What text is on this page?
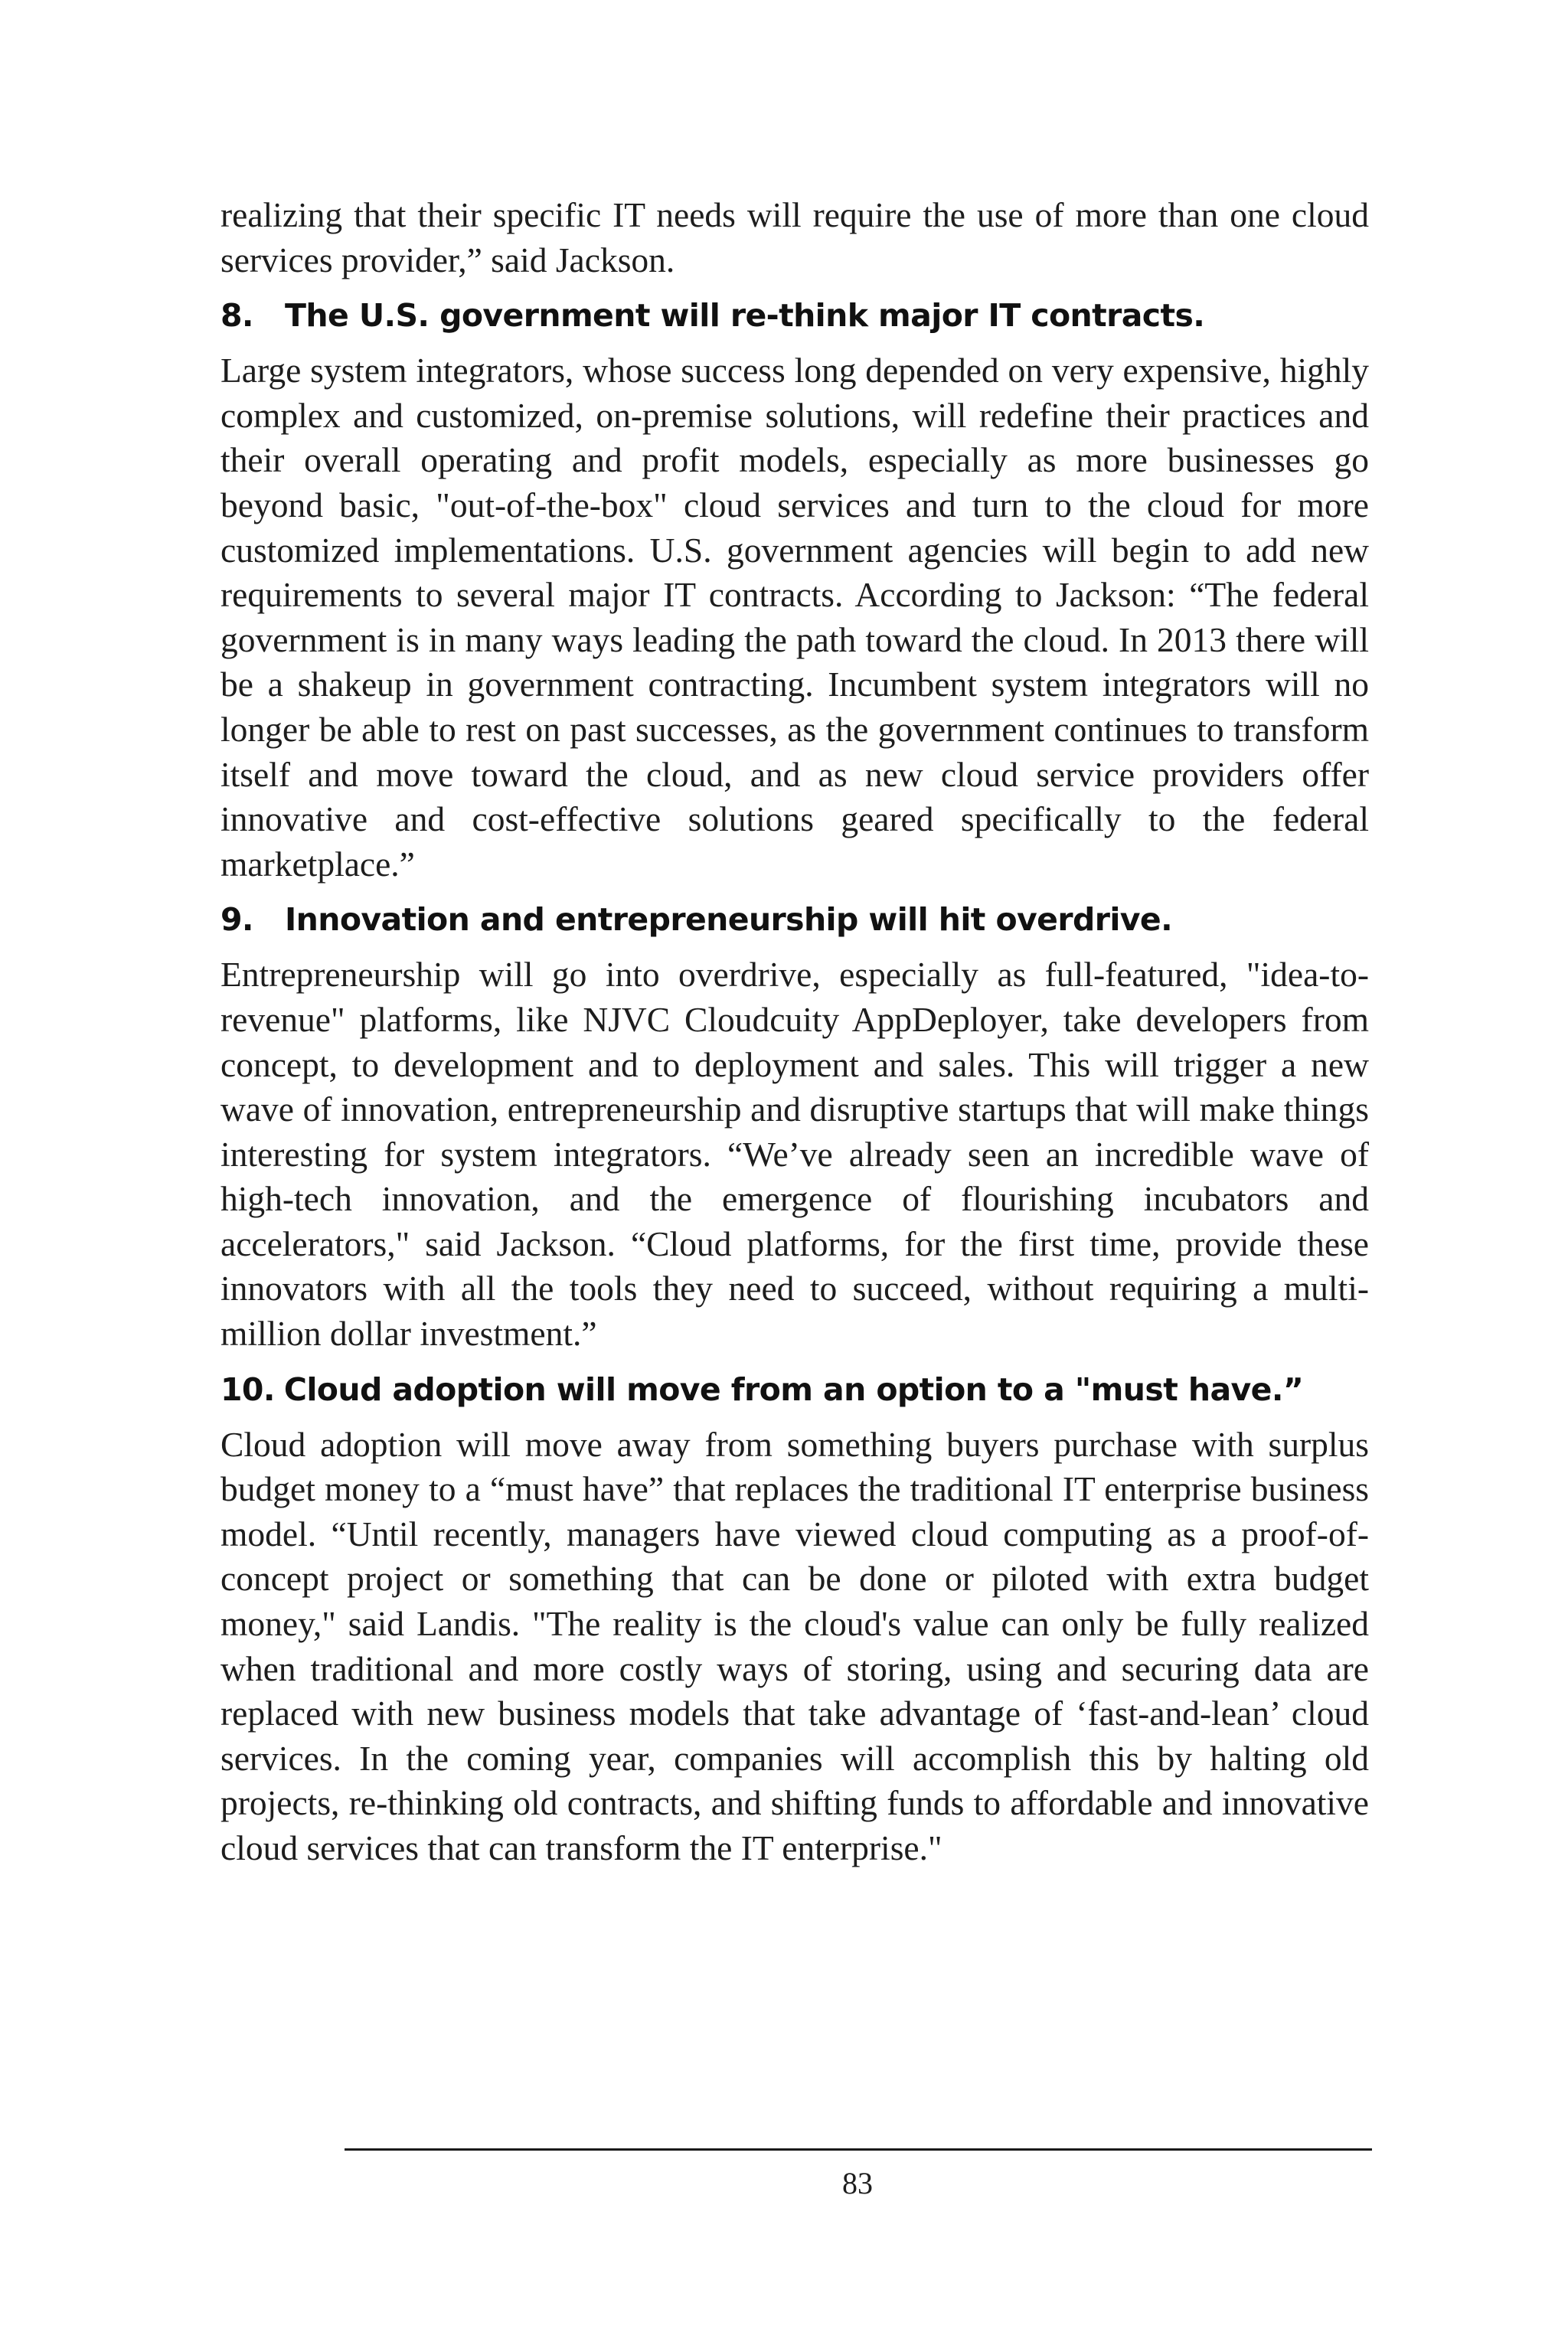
realizing that their specific IT needs will require the use of more than one cloud services provider,” said Jackson.

8. The U.S. government will re-think major IT contracts.

Large system integrators, whose success long depended on very expensive, highly complex and customized, on-premise solutions, will redefine their practices and their overall operating and profit models, especially as more businesses go beyond basic, "out-of-the-box" cloud services and turn to the cloud for more customized implementations. U.S. government agencies will begin to add new requirements to several major IT contracts. According to Jackson: “The federal government is in many ways leading the path toward the cloud. In 2013 there will be a shakeup in government contracting. Incumbent system integrators will no longer be able to rest on past successes, as the government continues to transform itself and move toward the cloud, and as new cloud service providers offer innovative and cost-effective solutions geared specifically to the federal marketplace.”

9. Innovation and entrepreneurship will hit overdrive.

Entrepreneurship will go into overdrive, especially as full-featured, "idea-to-revenue" platforms, like NJVC Cloudcuity AppDeployer, take developers from concept, to development and to deployment and sales. This will trigger a new wave of innovation, entrepreneurship and disruptive startups that will make things interesting for system integrators. “We’ve already seen an incredible wave of high-tech innovation, and the emergence of flourishing incubators and accelerators," said Jackson. “Cloud platforms, for the first time, provide these innovators with all the tools they need to succeed, without requiring a multi-million dollar investment.”

10. Cloud adoption will move from an option to a "must have.”

Cloud adoption will move away from something buyers purchase with surplus budget money to a “must have” that replaces the traditional IT enterprise business model. “Until recently, managers have viewed cloud computing as a proof-of-concept project or something that can be done or piloted with extra budget money," said Landis. "The reality is the cloud's value can only be fully realized when traditional and more costly ways of storing, using and securing data are replaced with new business models that take advantage of ‘fast-and-lean’ cloud services. In the coming year, companies will accomplish this by halting old projects, re-thinking old contracts, and shifting funds to affordable and innovative cloud services that can transform the IT enterprise."

83
